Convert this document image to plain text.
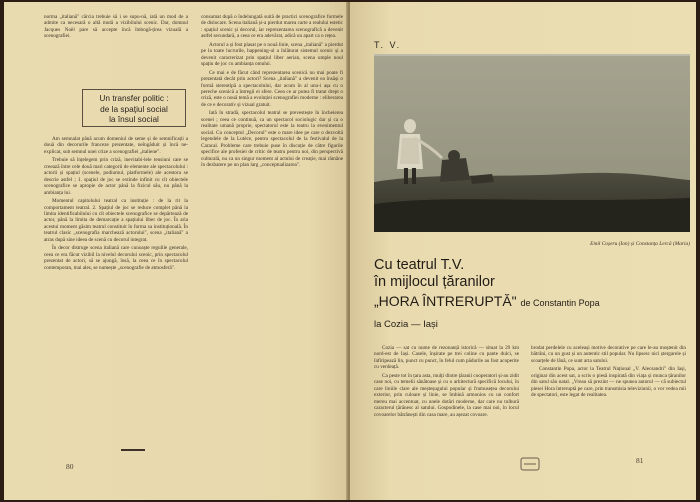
norma „italiană" cărcia trebuie să i se supu-nă, iată un mod de a admite ca necesară o altă mută a vizibilului scenic. Dar, domnul Jacques Noël pare să accepte încă îmbogă-țirea vizuală a scenografiei.

Un transfer politic :
de la spațiul social
la însul social

Am semnalat până acum domeniul de seme și de semnificații a două din decorurile franceze prezentate, neîngăduit și încă ne-explicat, sub semnul unei crize a scenografiei „italiene".

Trebuie să înțelegem prin criză, inevitabi-lele tensiuni care se creează între cele două mari categorii de elemente ale spectacolului : actorii și spațiul (scenele, podiumul, platformele) ale acestora se descrie astfel ; 1. spațiul de joc se extinde infinit cu cît obiectele scenografice se apropie de actor până la fizicul său, nu până la ambianța lui.

Momentul capitolului teatral ca instituție : de la rit la comportament teatral. 2. Spațiul de joc se reduce complet până la limita identificabilului cu cît obiectele scenografice se depărtează de actor, până la limita de demarcație a spațiului liber de joc. În aria acestui moment găsim teatrul constituit în forma sa instituțională. În teatrul clasic „scenografia marchează actorului", scena „italiană" a atras după sine ideea de scenă cu decorul integrat.

În decor distruge scena italiană care cunoaște regulile generale, ceea ce era făcut vizibil la nivelul decorului scenic, prin spectacolul prezentat de actori, să se ajungă, însă, la ceea ce în spectacolul contemporan, mai ales, se numește „scenografie de atmosferă".

consumat după o îndelungată suită de practici scenografice formele de dislocare. Scena italiană și-a pierdut marea carte a realului estetic : spațiul scenic și decorul, iar reprezentarea scenografică a devenit astfel secundară, a ceea ce era adevărat, adică un apart ca o rețea.

Actorul a și fost plasat pe o nouă linie, scena „italiană" a pierdut pe la toate lucrurile, happening-ul a înlăturat sistemul scenic și a devenit caracterizat prin spațiul liber aerian, scena umple noul spațiu de joc cu ambianța omului.

Ce mai e de făcut când reprezentarea scenică nu mai poate fi prezentată decât prin actori? Scena „italiană" a devenit ea însăși o formă stereotipă a spectacolului, dar acum în al unu-i așa cu o pereche scenică a întregii ei sfere. Ceea ce ar putea fi tratat drept o criză, este o nouă temă a evoluției scenografiei moderne : eliberarea de ce e decorativ și vizual gratuit.

Iată în stradă, spectacolul teatral se prevestește în încheierea scenei ; ceea ce continuă, ca un spectacol sociologic dar și ca o realitate umană proprie, spectatorul este la teatru la evenimentul social. Cu conceptul „Decorul" este o mare idee pe care o dezvoltă legendele de la Lutèce, pentru spectacolul de la festivalul de la Caracal. Probleme care trebuie puse în discuție de către figurile specifice ale profesiei de critic de teatru pentru noi, din perspectivă culturală, nu ca un singur moment al actului de creație, mai rămâne în dezbatere pe un plan larg „conceptualizarea".

80
T. V.
Emil Coșeru (Ion) și Constanța Lercă (Maria)
Cu teatrul T.V.
în mijlocul țăranilor
„HORA ÎNTRERUPTĂ" de Constantin Popa
la Cozia — Iași

Cozia — sat cu nume de rezonanță istorică — situat la 29 km nord-est de Iași. Casele, înșirate pe trei coline cu pante dulci, se înfiripează lin, punct cu punct, în felul cum pădurile au fost acoperite cu verdeață.

Ca peste tot în țara asta, mulți dintre țăranii cooperatori și-au zidit case noi, cu temelii sănătoase și cu o arhitectură specifică locului, în care liniile clare ale meșteșugului popular și frumusețea decorului exterior, prin culoare și linie, se îmbină armonios cu un confort mereu mai accentuat, cu unele dotări moderne, dar care nu tulbură caracterul țărănesc al satului. Gospodinele, la case mai noi, în locul covoarelor bătrânești din casa mare, au așezat covoare.

brodat perdelele cu aceleași motive decorative pe care le-au moștenit din bătrâni, cu un gust și un autentic stil popular. Nu lipsesc nici ștergarele și scoarțele de lână, ce sunt arta satului.

Constantin Popa, actor la Teatrul Național „V. Alecsandri" din Iași, originar din acest sat, a scris o piesă inspirată din viața și munca țăranilor din satul său natal. „Vreau să prezint — ne spunea autorul — că subiectul piesei Hora întreruptă pe care, prin transmisia televiziunii, o vor vedea mii de spectatori, este legat de realitatea.

81
